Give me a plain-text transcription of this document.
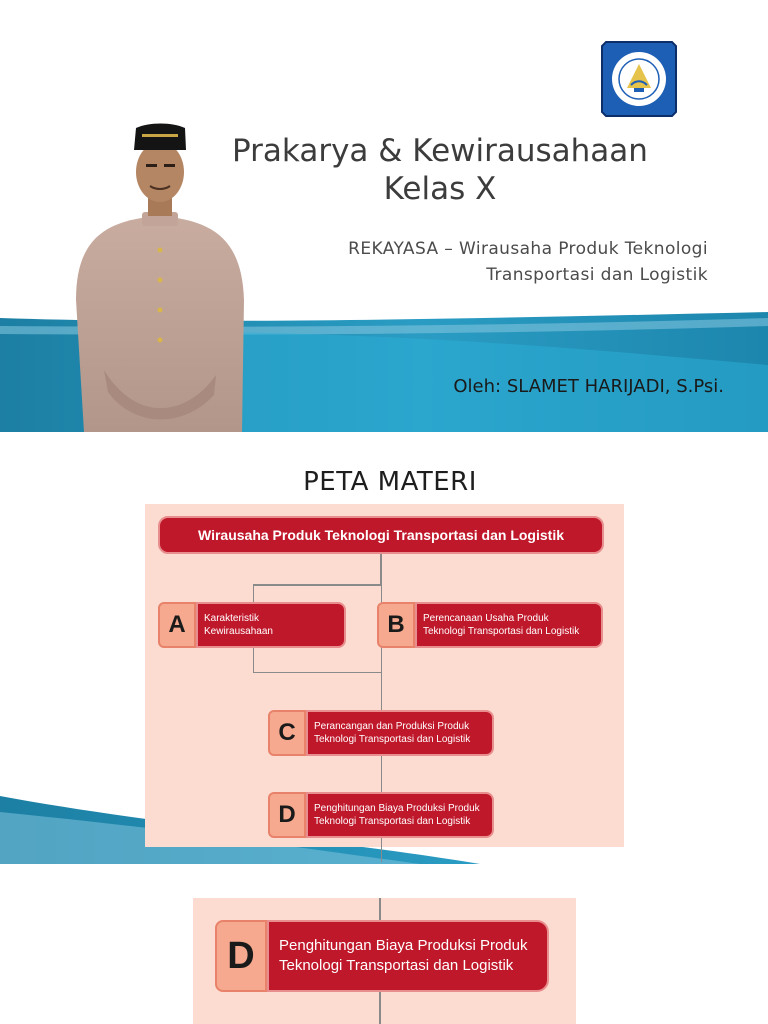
Prakarya & Kewirausahaan
Kelas X
REKAYASA – Wirausaha Produk Teknologi
Transportasi dan Logistik
Oleh: SLAMET HARIJADI, S.Psi.
PETA MATERI
Wirausaha Produk Teknologi Transportasi dan Logistik
A	Karakteristik
Kewirausahaan	B	Perencanaan Usaha Produk
Teknologi Transportasi dan Logistik
C	Perancangan dan Produksi Produk
Teknologi Transportasi dan Logistik
D	Penghitungan Biaya Produksi Produk
Teknologi Transportasi dan Logistik
D	Penghitungan Biaya Produksi Produk
Teknologi Transportasi dan Logistik
